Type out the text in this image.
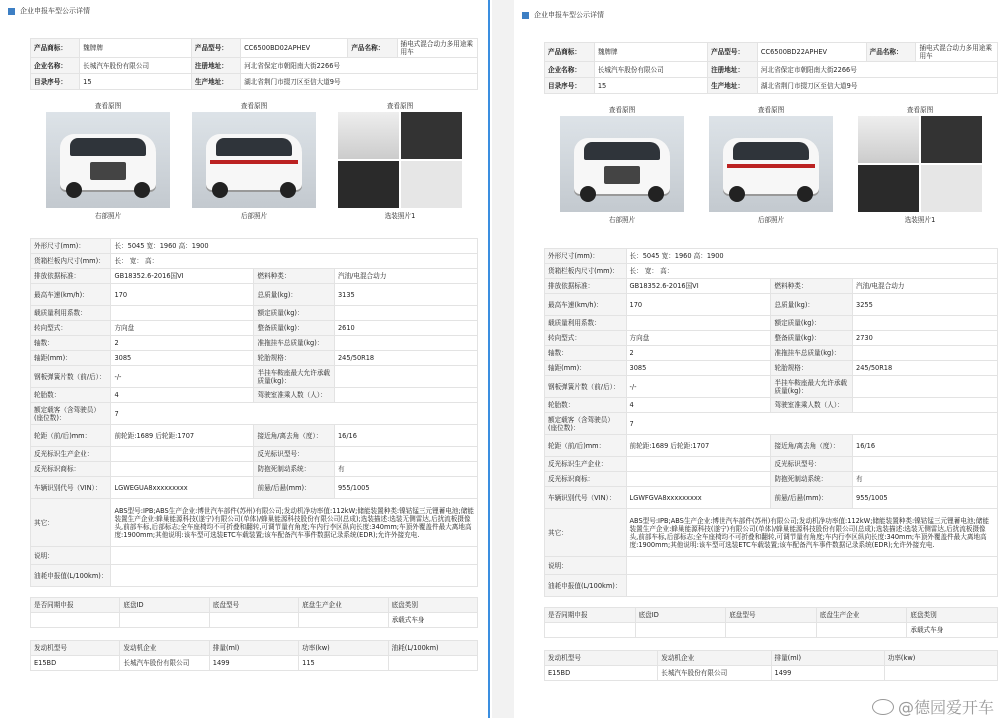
企业申报车型公示详情
产品商标：	魏牌牌	产品型号：	CC6500BD02APHEV	产品名称：	插电式混合动力多用途乘用车
企业名称：	长城汽车股份有限公司	注册地址：	河北省保定市朝阳南大街2266号		
目录序号：	15	生产地址：	湖北省荆门市掇刀区至信大道9号		
查看原图
右部照片
查看原图
后部照片
查看原图
选装照片1
外形尺寸(mm)：	长：5045 宽：1960 高：1900		
货箱栏板内尺寸(mm)：	长： 宽： 高：		
排放依据标准：	GB18352.6-2016国VI	燃料种类：	汽油/电混合动力
最高车速(km/h)：	170	总质量(kg)：	3135
载质量利用系数：		额定质量(kg)：	
转向型式：	方向盘	整备质量(kg)：	2610
轴数：	2	准拖挂车总质量(kg)：	
轴距(mm)：	3085	轮胎规格：	245/50R18
钢板弹簧片数（前/后）：	-/-	半挂车鞍座最大允许承载质量(kg)：	
轮胎数：	4	驾驶室准乘人数（人）：	
额定载客（含驾驶员）(座位数)：	7		
轮距（前/后)mm：	前轮距:1689 后轮距:1707	接近角/离去角（度）：	16/16
反光标识生产企业：		反光标识型号：	
反光标识商标：		防抱死制动系统：	有
车辆识别代号（VIN）：	LGWEGUA8xxxxxxxxx	前悬/后悬(mm)：	955/1005
其它：	ABS型号:IPB;ABS生产企业:博世汽车部件(苏州)有限公司;发动机净功率值:112kW;储能装置种类:镍钴锰三元锂蓄电池;储能装置生产企业:蜂巢能源科技(遂宁)有限公司(单体)/蜂巢能源科技股份有限公司(总成);选装描述:选装无侧雷达,后扰流板摄像头,前部车标,后部标志;全车座椅均不可折叠和翻转,可调节量有角度;车内行李区纵向长度:340mm;车顶外覆盖件最大离地高度:1900mm;其他说明:该车型可选装ETC车载装置;该车配备汽车事件数据记录系统(EDR);允许外接充电.		
说明：			
油耗申报值(L/100km)：			
是否同期申报	底盘ID	底盘型号	底盘生产企业	底盘类别
				承载式车身
发动机型号	发动机企业	排量(ml)	功率(kw)	油耗(L/100km)
E15BD	长城汽车股份有限公司	1499	115	
企业申报车型公示详情
产品商标：	魏牌牌	产品型号：	CC6500BD22APHEV	产品名称：	插电式混合动力多用途乘用车
企业名称：	长城汽车股份有限公司	注册地址：	河北省保定市朝阳南大街2266号		
目录序号：	15	生产地址：	湖北省荆门市掇刀区至信大道9号		
查看原图
右部照片
查看原图
后部照片
查看原图
选装照片1
外形尺寸(mm)：	长：5045 宽：1960 高：1900		
货箱栏板内尺寸(mm)：	长： 宽： 高：		
排放依据标准：	GB18352.6-2016国VI	燃料种类：	汽油/电混合动力
最高车速(km/h)：	170	总质量(kg)：	3255
载质量利用系数：		额定质量(kg)：	
转向型式：	方向盘	整备质量(kg)：	2730
轴数：	2	准拖挂车总质量(kg)：	
轴距(mm)：	3085	轮胎规格：	245/50R18
钢板弹簧片数（前/后）：	-/-	半挂车鞍座最大允许承载质量(kg)：	
轮胎数：	4	驾驶室准乘人数（人）：	
额定载客（含驾驶员）(座位数)：	7		
轮距（前/后)mm：	前轮距:1689 后轮距:1707	接近角/离去角（度）：	16/16
反光标识生产企业：		反光标识型号：	
反光标识商标：		防抱死制动系统：	有
车辆识别代号（VIN）：	LGWFGVA8xxxxxxxxx	前悬/后悬(mm)：	955/1005
其它：	ABS型号:IPB;ABS生产企业:博世汽车部件(苏州)有限公司;发动机净功率值:112kW;储能装置种类:镍钴锰三元锂蓄电池;储能装置生产企业:蜂巢能源科技(遂宁)有限公司(单体)/蜂巢能源科技股份有限公司(总成);选装描述:选装无侧雷达,后扰流板摄像头,前部车标,后部标志;全车座椅均不可折叠和翻转,可调节量有角度;车内行李区纵向长度:340mm;车顶外覆盖件最大离地高度:1900mm;其他说明:该车型可选装ETC车载装置;该车配备汽车事件数据记录系统(EDR);允许外接充电.		
说明：			
油耗申报值(L/100km)：			
是否同期申报	底盘ID	底盘型号	底盘生产企业	底盘类别
				承载式车身
发动机型号	发动机企业	排量(ml)	功率(kw)
E15BD	长城汽车股份有限公司	1499	
@德园爱开车
